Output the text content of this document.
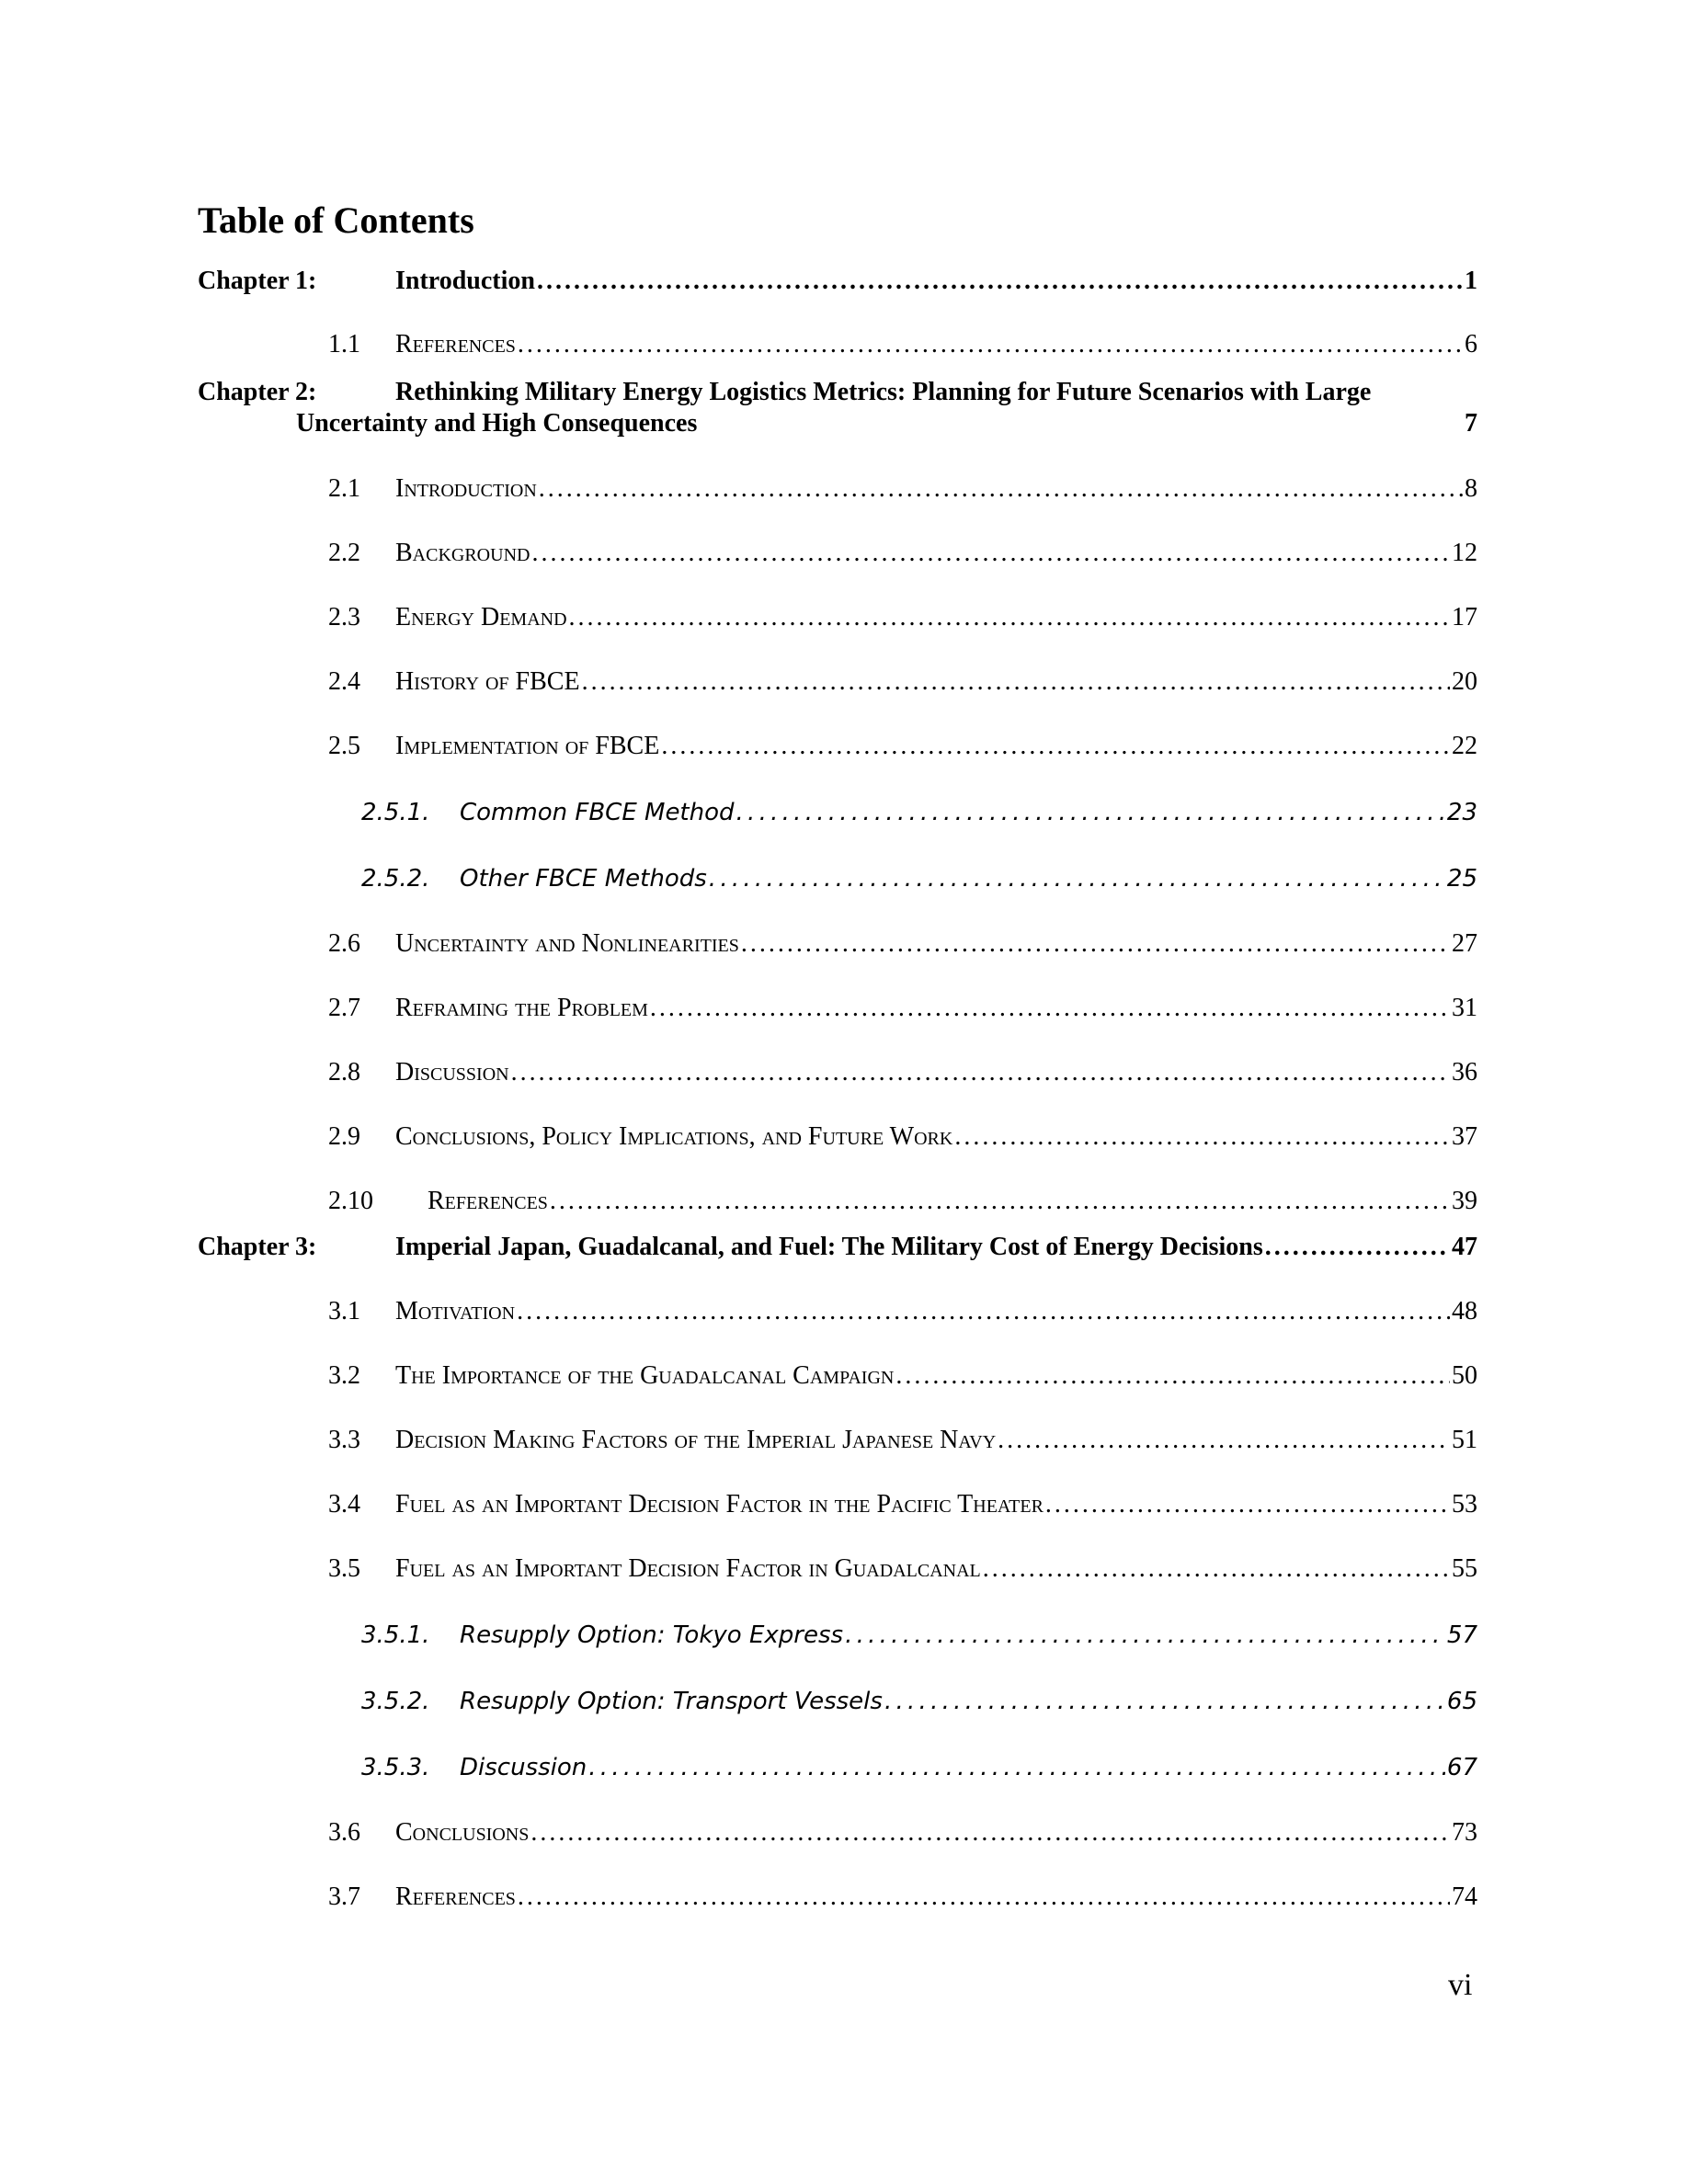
Table of Contents
Chapter 1:	Introduction . . .	1
1.1 References . . .	6
Chapter 2:	Rethinking Military Energy Logistics Metrics: Planning for Future Scenarios with Large
Uncertainty and High Consequences	7
2.1 Introduction . . .	8
2.2 Background . . .	12
2.3 Energy Demand . . .	17
2.4 History of FBCE . . .	20
2.5 Implementation of FBCE . . .	22
2.5.1. Common FBCE Method . . .	23
2.5.2. Other FBCE Methods . . .	25
2.6 Uncertainty and Nonlinearities . . .	27
2.7 Reframing the Problem . . .	31
2.8 Discussion . . .	36
2.9 Conclusions, Policy Implications, and Future Work . . .	37
2.10 References . . .	39
Chapter 3:	Imperial Japan, Guadalcanal, and Fuel: The Military Cost of Energy Decisions . . .	47
3.1 Motivation . . .	48
3.2 The Importance of the Guadalcanal Campaign . . .	50
3.3 Decision Making Factors of the Imperial Japanese Navy . . .	51
3.4 Fuel as an Important Decision Factor in the Pacific Theater . . .	53
3.5 Fuel as an Important Decision Factor in Guadalcanal . . .	55
3.5.1. Resupply Option: Tokyo Express . . .	57
3.5.2. Resupply Option: Transport Vessels . . .	65
3.5.3. Discussion . . .	67
3.6 Conclusions . . .	73
3.7 References . . .	74
vi
